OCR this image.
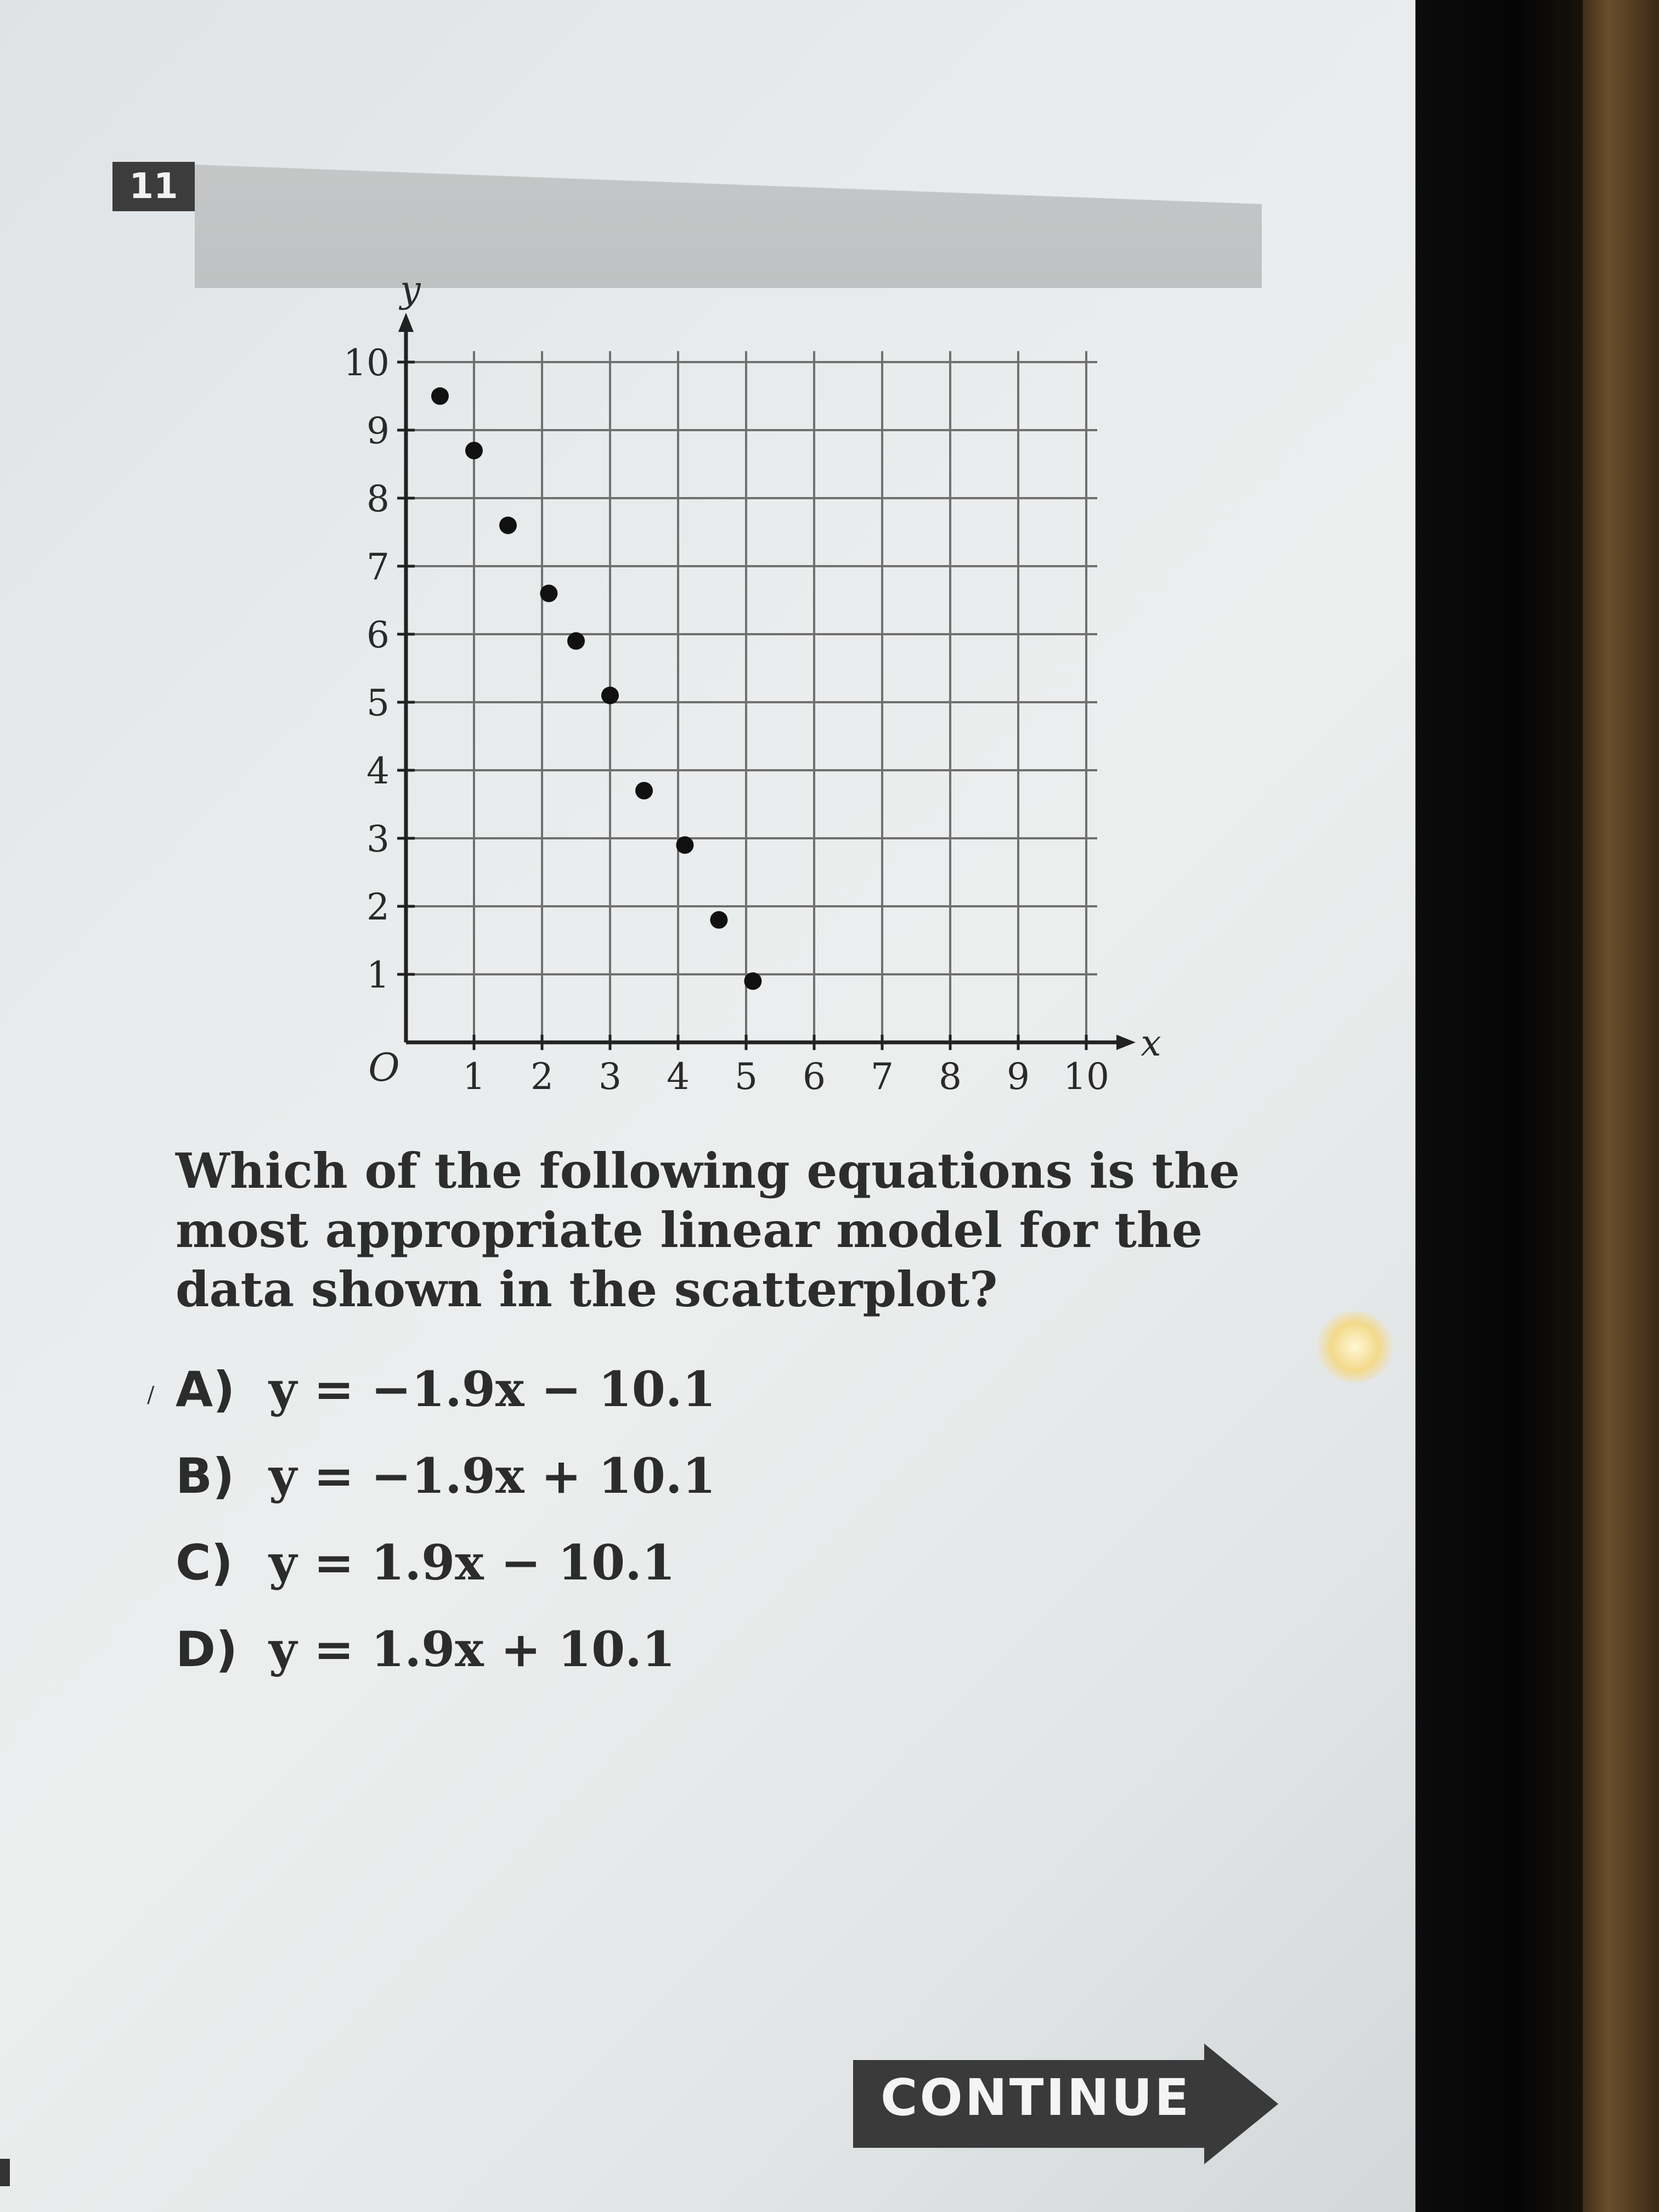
11
1 2 3 4 5 6 7 8 9 10
1
2
3
4
5
6
7
8
9
10
O
x
y
Which of the following equations is the most appropriate linear model for the data shown in the scatterplot?
/ A) y = −1.9x − 10.1
B) y = −1.9x + 10.1
C) y = 1.9x − 10.1
D) y = 1.9x + 10.1
CONTINUE
